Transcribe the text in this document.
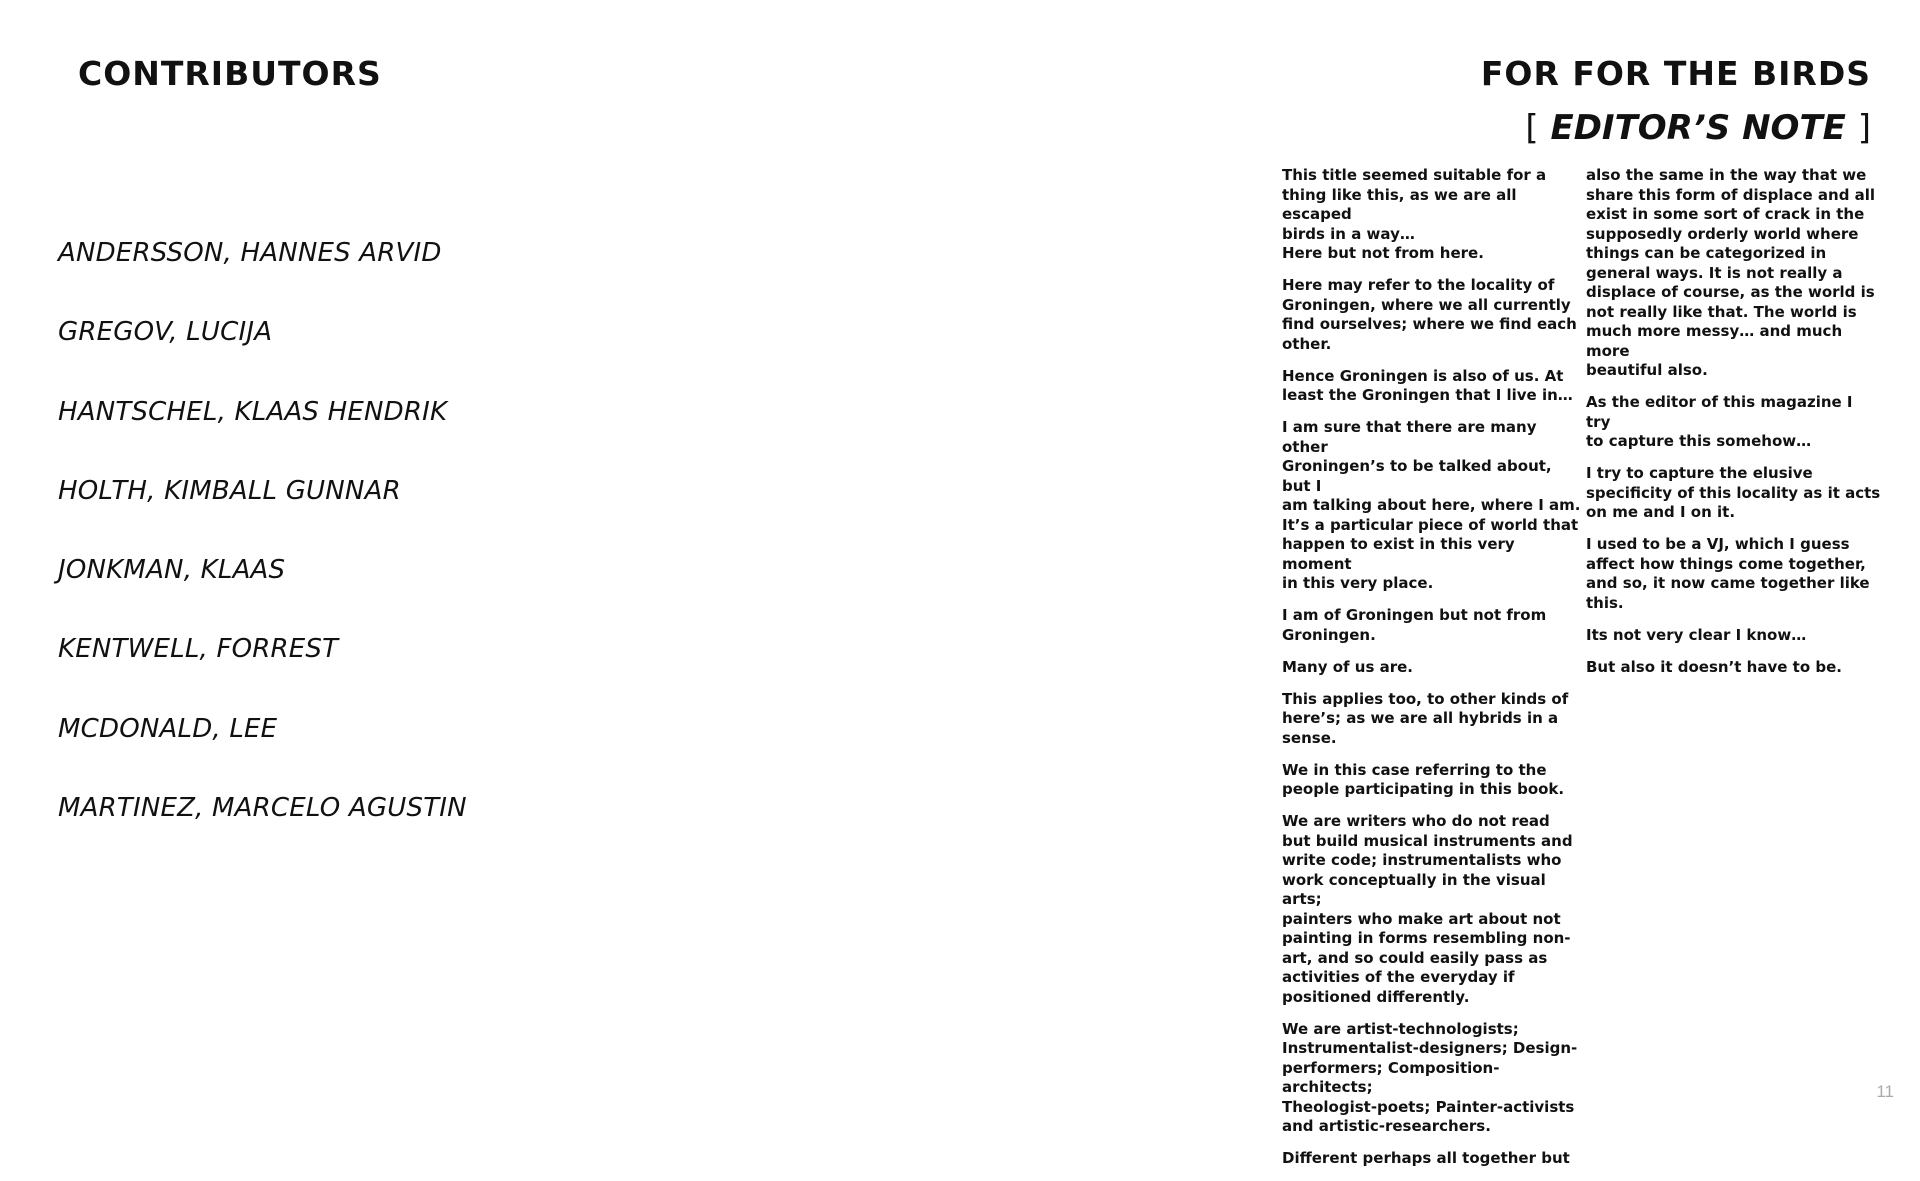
CONTRIBUTORS
ANDERSSON, HANNES ARVID
GREGOV, LUCIJA
HANTSCHEL, KLAAS HENDRIK
HOLTH, KIMBALL GUNNAR
JONKMAN, KLAAS
KENTWELL, FORREST
MCDONALD, LEE
MARTINEZ, MARCELO AGUSTIN
FOR FOR THE BIRDS
[ EDITOR’S NOTE ]

This title seemed suitable for a
thing like this, as we are all escaped
birds in a way…
Here but not from here.

Here may refer to the locality of
Groningen, where we all currently
find ourselves; where we find each
other.

Hence Groningen is also of us. At
least the Groningen that I live in…

I am sure that there are many other
Groningen’s to be talked about, but I
am talking about here, where I am.
It’s a particular piece of world that
happen to exist in this very moment
in this very place.

I am of Groningen but not from
Groningen.

Many of us are.

This applies too, to other kinds of
here’s; as we are all hybrids in a
sense.

We in this case referring to the
people participating in this book.

We are writers who do not read
but build musical instruments and
write code; instrumentalists who
work conceptually in the visual arts;
painters who make art about not
painting in forms resembling non-
art, and so could easily pass as
activities of the everyday if
positioned differently.

We are artist-technologists;
Instrumentalist-designers; Design-
performers; Composition-architects;
Theologist-poets; Painter-activists
and artistic-researchers.

Different perhaps all together but

also the same in the way that we
share this form of displace and all
exist in some sort of crack in the
supposedly orderly world where
things can be categorized in
general ways. It is not really a
displace of course, as the world is
not really like that. The world is
much more messy… and much more
beautiful also.

As the editor of this magazine I try
to capture this somehow…

I try to capture the elusive
specificity of this locality as it acts
on me and I on it.

I used to be a VJ, which I guess
affect how things come together,
and so, it now came together like
this.

Its not very clear I know…

But also it doesn’t have to be.

11
